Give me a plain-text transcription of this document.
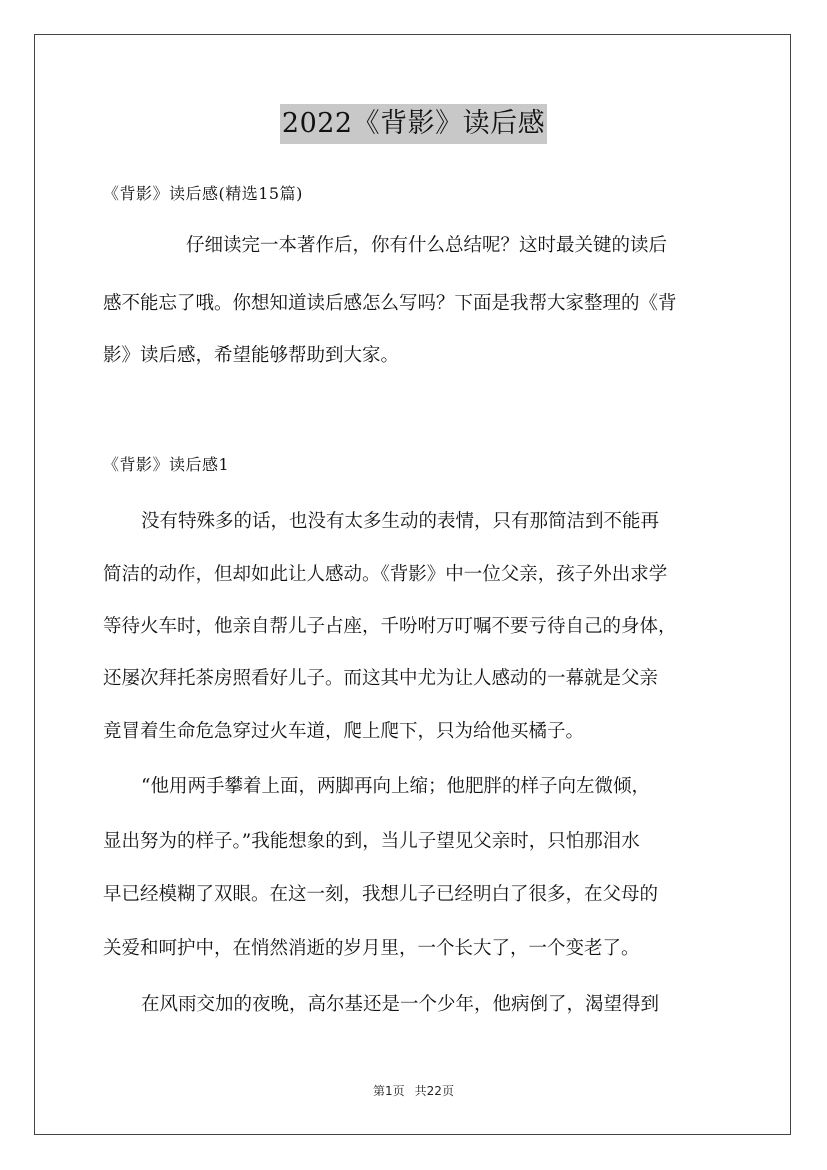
2022《背影》读后感
《背影》读后感(精选15篇)
仔细读完一本著作后，你有什么总结呢？这时最关键的读后
感不能忘了哦。你想知道读后感怎么写吗？下面是我帮大家整理的《背
影》读后感，希望能够帮助到大家。
《背影》读后感1
没有特殊多的话，也没有太多生动的表情，只有那简洁到不能再
简洁的动作，但却如此让人感动。《背影》中一位父亲，孩子外出求学
等待火车时，他亲自帮儿子占座，千吩咐万叮嘱不要亏待自己的身体，
还屡次拜托茶房照看好儿子。而这其中尤为让人感动的一幕就是父亲
竟冒着生命危急穿过火车道，爬上爬下，只为给他买橘子。
“他用两手攀着上面，两脚再向上缩；他肥胖的样子向左微倾，
显出努为的样子。”我能想象的到，当儿子望见父亲时，只怕那泪水
早已经模糊了双眼。在这一刻，我想儿子已经明白了很多，在父母的
关爱和呵护中，在悄然消逝的岁月里，一个长大了，一个变老了。
在风雨交加的夜晚，高尔基还是一个少年，他病倒了，渴望得到
第1页 共22页
